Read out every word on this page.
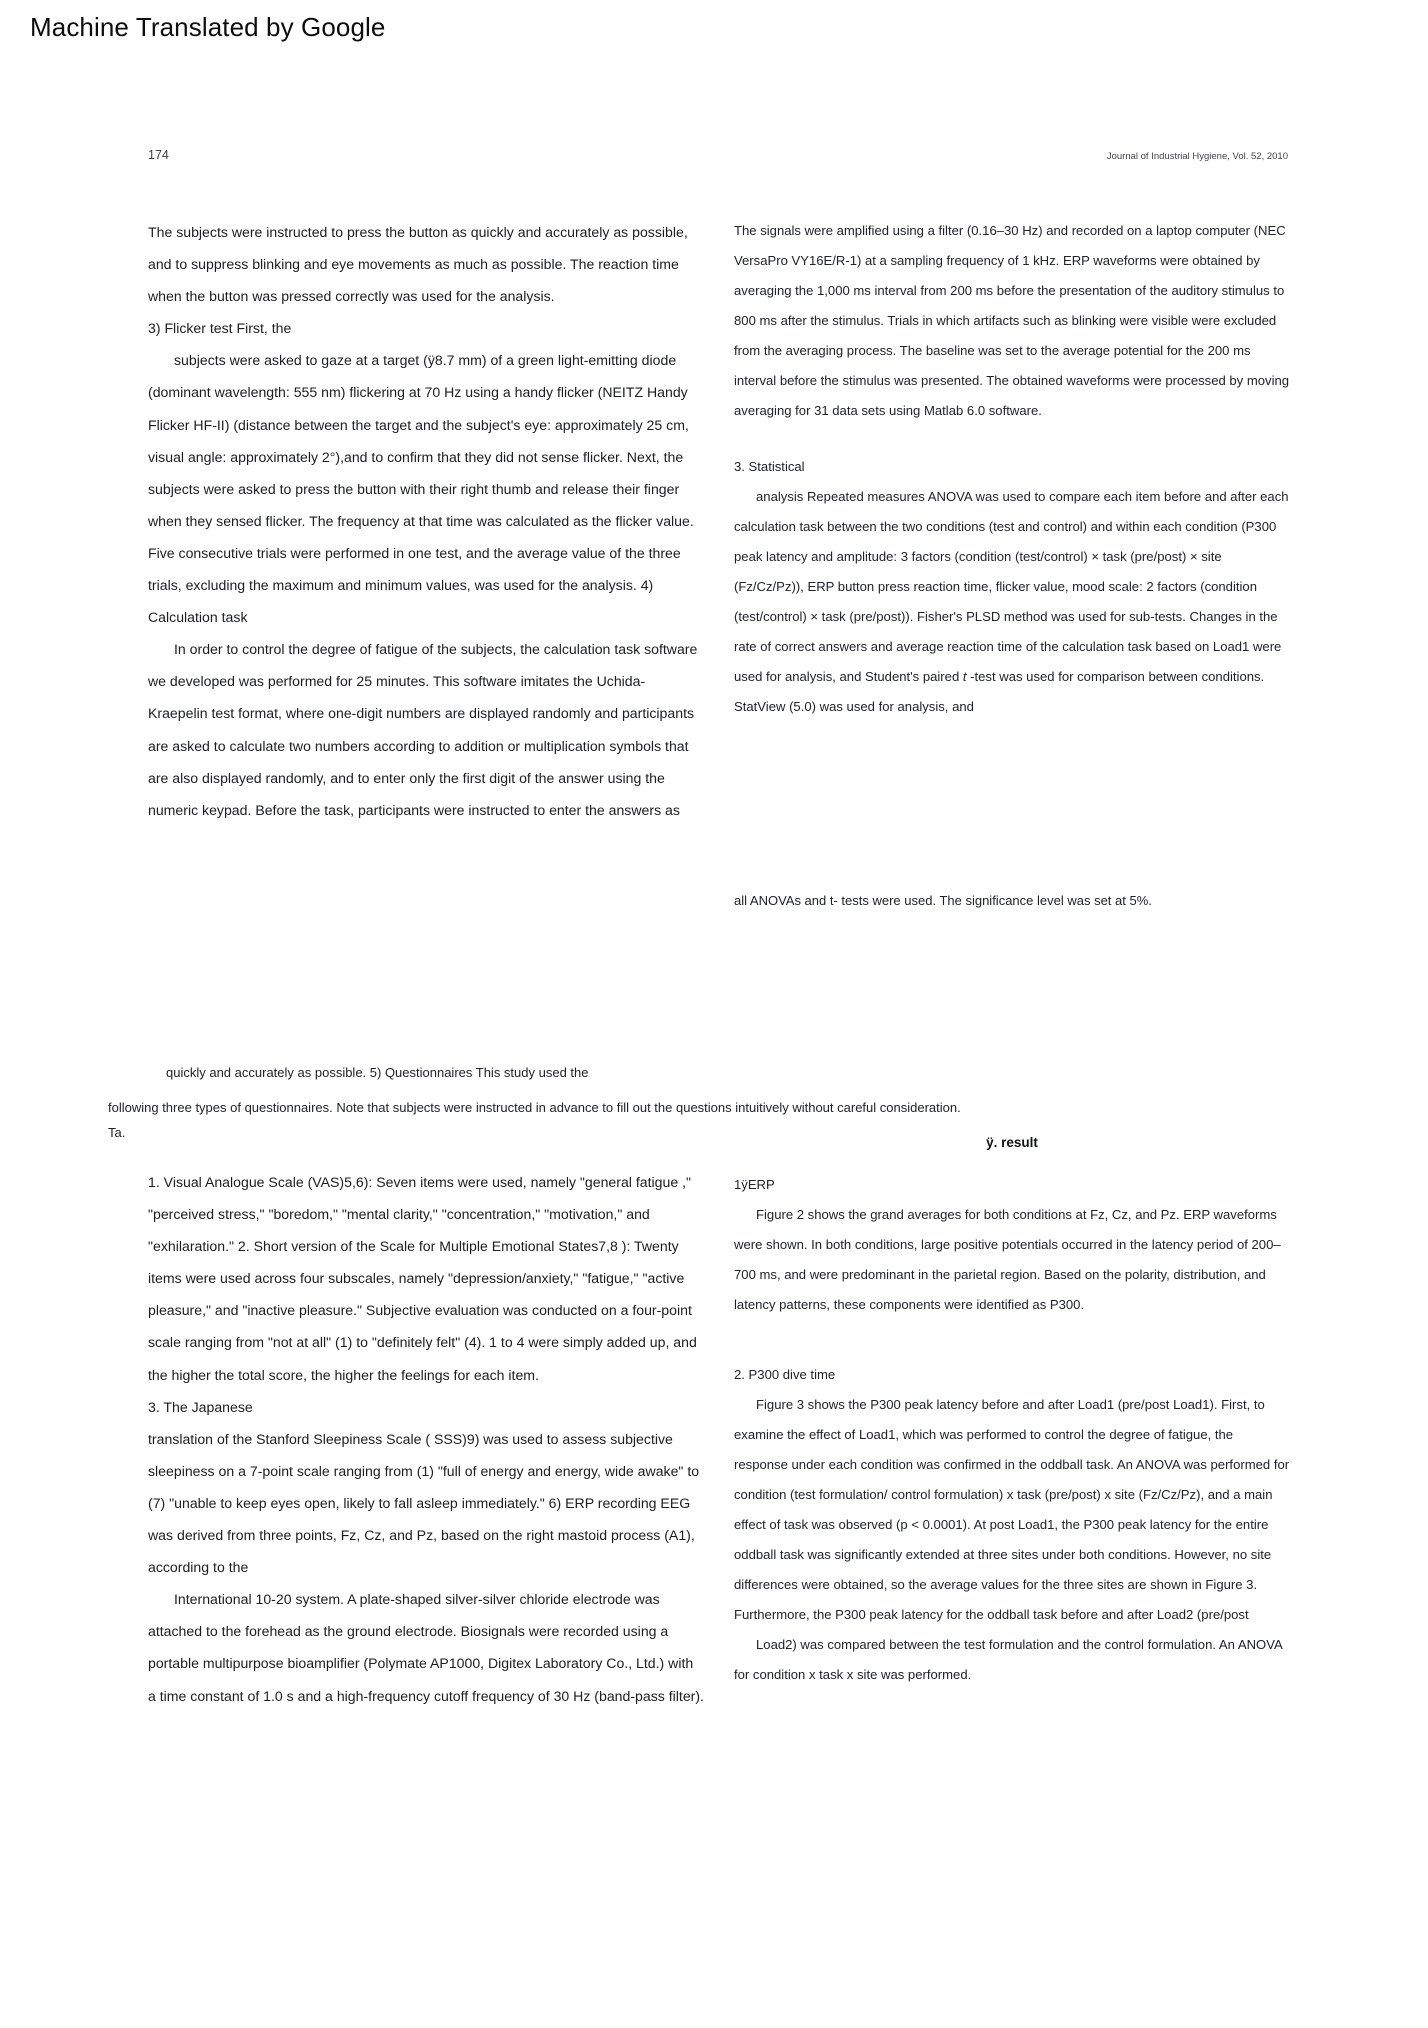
Machine Translated by Google
174	Journal of Industrial Hygiene, Vol. 52, 2010

The subjects were instructed to press the button as quickly and accurately as possible, and to suppress blinking and eye movements as much as possible. The reaction time when the button was pressed correctly was used for the analysis.

3) Flicker test First, the

subjects were asked to gaze at a target (ÿ8.7 mm) of a green light-emitting diode (dominant wavelength: 555 nm) flickering at 70 Hz using a handy flicker (NEITZ Handy Flicker HF-II) (distance between the target and the subject's eye: approximately 25 cm, visual angle: approximately 2°),and to confirm that they did not sense flicker. Next, the subjects were asked to press the button with their right thumb and release their finger when they sensed flicker. The frequency at that time was calculated as the flicker value. Five consecutive trials were performed in one test, and the average value of the three trials, excluding the maximum and minimum values, was used for the analysis. 4)

Calculation task

In order to control the degree of fatigue of the subjects, the calculation task software we developed was performed for 25 minutes. This software imitates the Uchida-Kraepelin test format, where one-digit numbers are displayed randomly and participants are asked to calculate two numbers according to addition or multiplication symbols that are also displayed randomly, and to enter only the first digit of the answer using the numeric keypad. Before the task, participants were instructed to enter the answers as

The signals were amplified using a filter (0.16–30 Hz) and recorded on a laptop computer (NEC VersaPro VY16E/R-1) at a sampling frequency of 1 kHz. ERP waveforms were obtained by averaging the 1,000 ms interval from 200 ms before the presentation of the auditory stimulus to 800 ms after the stimulus. Trials in which artifacts such as blinking were visible were excluded from the averaging process. The baseline was set to the average potential for the 200 ms interval before the stimulus was presented. The obtained waveforms were processed by moving averaging for 31 data sets using Matlab 6.0 software.

3. Statistical

analysis Repeated measures ANOVA was used to compare each item before and after each calculation task between the two conditions (test and control) and within each condition (P300 peak latency and amplitude: 3 factors (condition (test/control) × task (pre/post) × site (Fz/Cz/Pz)), ERP button press reaction time, flicker value, mood scale: 2 factors (condition (test/control) × task (pre/post)). Fisher's PLSD method was used for sub-tests. Changes in the rate of correct answers and average reaction time of the calculation task based on Load1 were used for analysis, and Student's paired t -test was used for comparison between conditions. StatView (5.0) was used for analysis, and

all ANOVAs and t- tests were used. The significance level was set at 5%.

quickly and accurately as possible. 5) Questionnaires This study used the

following three types of questionnaires. Note that subjects were instructed in advance to fill out the questions intuitively without careful consideration.

Ta.

ÿ. result

1. Visual Analogue Scale (VAS)5,6): Seven items were used, namely "general fatigue ," "perceived stress," "boredom," "mental clarity," "concentration," "motivation," and "exhilaration." 2. Short version of the Scale for Multiple Emotional States7,8 ): Twenty items were used across four subscales, namely "depression/anxiety," "fatigue," "active pleasure," and "inactive pleasure." Subjective evaluation was conducted on a four-point scale ranging from "not at all" (1) to "definitely felt" (4). 1 to 4 were simply added up, and the higher the total score, the higher the feelings for each item.

3. The Japanese

translation of the Stanford Sleepiness Scale ( SSS)9) was used to assess subjective sleepiness on a 7-point scale ranging from (1) "full of energy and energy, wide awake" to (7) "unable to keep eyes open, likely to fall asleep immediately." 6) ERP recording EEG was derived from three points, Fz, Cz, and Pz, based on the right mastoid process (A1),

according to the

International 10-20 system. A plate-shaped silver-silver chloride electrode was attached to the forehead as the ground electrode. Biosignals were recorded using a portable multipurpose bioamplifier (Polymate AP1000, Digitex Laboratory Co., Ltd.) with a time constant of 1.0 s and a high-frequency cutoff frequency of 30 Hz (band-pass filter).

1ÿERP

Figure 2 shows the grand averages for both conditions at Fz, Cz, and Pz. ERP waveforms were shown. In both conditions, large positive potentials occurred in the latency period of 200–700 ms, and were predominant in the parietal region. Based on the polarity, distribution, and latency patterns, these components were identified as P300.

2. P300 dive time

Figure 3 shows the P300 peak latency before and after Load1 (pre/post Load1). First, to examine the effect of Load1, which was performed to control the degree of fatigue, the response under each condition was confirmed in the oddball task. An ANOVA was performed for condition (test formulation/ control formulation) x task (pre/post) x site (Fz/Cz/Pz), and a main effect of task was observed (p < 0.0001). At post Load1, the P300 peak latency for the entire oddball task was significantly extended at three sites under both conditions. However, no site differences were obtained, so the average values for the three sites are shown in Figure 3. Furthermore, the P300 peak latency for the oddball task before and after Load2 (pre/post

Load2) was compared between the test formulation and the control formulation. An ANOVA for condition x task x site was performed.
